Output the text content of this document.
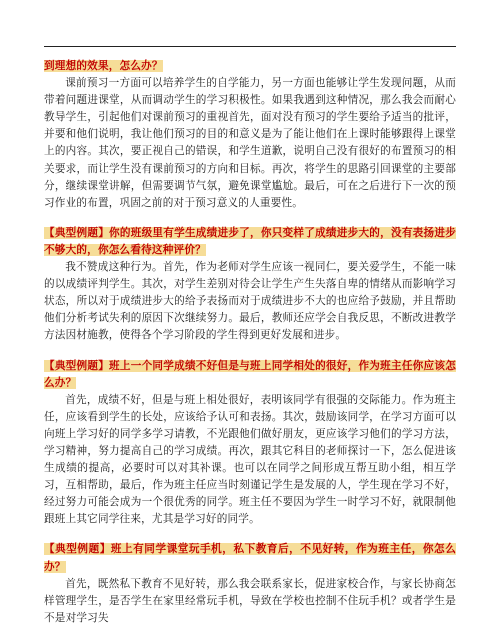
到理想的效果，怎么办？

课前预习一方面可以培养学生的自学能力，另一方面也能够让学生发现问题，从而带着问题进课堂，从而调动学生的学习积极性。如果我遇到这种情况，那么我会而耐心教导学生，引起他们对课前预习的重视首先，面对没有预习的学生要给予适当的批评，并要和他们说明，我让他们预习的目的和意义是为了能让他们在上课时能够跟得上课堂上的内容。其次，要正视自己的错误，和学生道歉，说明自己没有很好的布置预习的相关要求，而让学生没有课前预习的方向和目标。再次，将学生的思路引回课堂的主要部分，继续课堂讲解，但需要调节气氛，避免课堂尴尬。最后，可在之后进行下一次的预习作业的布置，巩固之前的对于预习意义的人重要性。

【典型例题】你的班级里有学生成绩进步了，你只变样了成绩进步大的，没有表扬进步不够大的，你怎么看待这种评价？

我不赞成这种行为。首先，作为老师对学生应该一视同仁，要关爱学生，不能一味的以成绩评判学生。其次，对学生差别对待会让学生产生失落自卑的情绪从而影响学习状态，所以对于成绩进步大的给予表扬而对于成绩进步不大的也应给予鼓励，并且帮助他们分析考试失利的原因下次继续努力。最后，教师还应学会自我反思，不断改进教学方法因材施教，使得各个学习阶段的学生得到更好发展和进步。

【典型例题】班上一个同学成绩不好但是与班上同学相处的很好，作为班主任你应该怎么办？

首先，成绩不好，但是与班上相处很好，表明该同学有很强的交际能力。作为班主任，应该看到学生的长处，应该给予认可和表扬。其次，鼓励该同学，在学习方面可以向班上学习好的同学多学习请教，不光跟他们做好朋友，更应该学习他们的学习方法，学习精神，努力提高自己的学习成绩。再次，跟其它科目的老师探讨一下，怎么促进该生成绩的提高，必要时可以对其补课。也可以在同学之间形成互帮互助小组，相互学习，互相帮助，最后，作为班主任应当时刻谨记学生是发展的人，学生现在学习不好，经过努力可能会成为一个很优秀的同学。班主任不要因为学生一时学习不好，就限制他跟班上其它同学往来，尤其是学习好的同学。

【典型例题】班上有同学课堂玩手机，私下教育后，不见好转，作为班主任，你怎么办？

首先，既然私下教育不见好转，那么我会联系家长，促进家校合作，与家长协商怎样管理学生，是否学生在家里经常玩手机，导致在学校也控制不住玩手机？或者学生是不是对学习失
